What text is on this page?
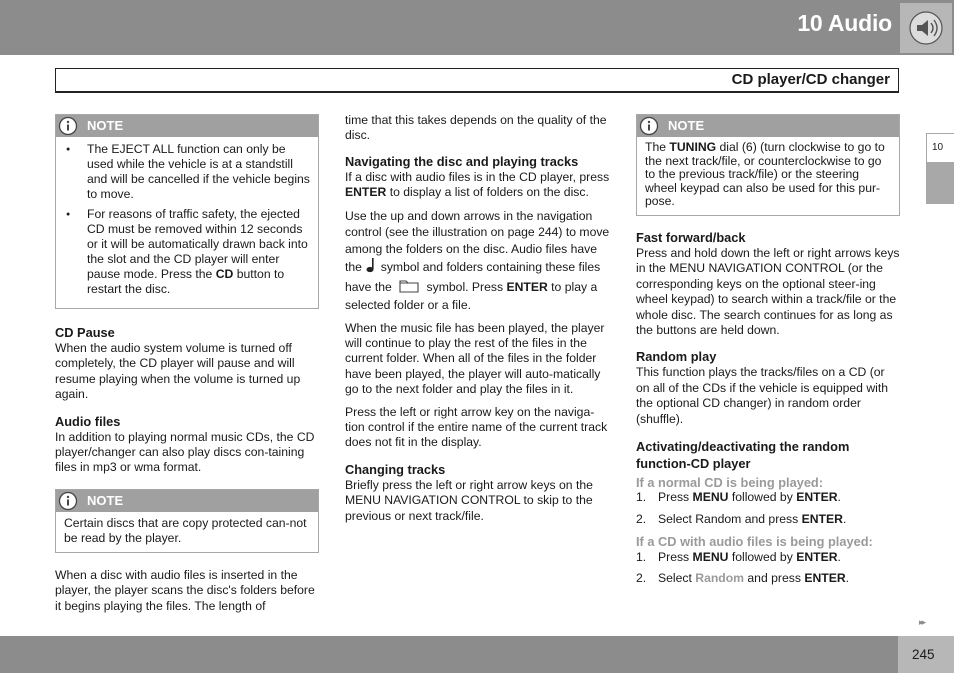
10 Audio
CD player/CD changer
NOTE
● The EJECT ALL function can only be used while the vehicle is at a standstill and will be cancelled if the vehicle begins to move.
● For reasons of traffic safety, the ejected CD must be removed within 12 seconds or it will be automatically drawn back into the slot and the CD player will enter pause mode. Press the CD button to restart the disc.
CD Pause

When the audio system volume is turned off completely, the CD player will pause and will resume playing when the volume is turned up again.

Audio files

In addition to playing normal music CDs, the CD player/changer can also play discs con-taining files in mp3 or wma format.

NOTE
Certain discs that are copy protected can-not be read by the player.

When a disc with audio files is inserted in the player, the player scans the disc's folders before it begins playing the files. The length of

time that this takes depends on the quality of the disc.

Navigating the disc and playing tracks

If a disc with audio files is in the CD player, press ENTER to display a list of folders on the disc.

Use the up and down arrows in the navigation control (see the illustration on page 244) to move among the folders on the disc. Audio files have the  symbol and folders containing these files have the  symbol. Press ENTER to play a selected folder or a file.

When the music file has been played, the player will continue to play the rest of the files in the current folder. When all of the files in the folder have been played, the player will auto-matically go to the next folder and play the files in it.

Press the left or right arrow key on the naviga-tion control if the entire name of the current track does not fit in the display.

Changing tracks

Briefly press the left or right arrow keys on the MENU NAVIGATION CONTROL to skip to the previous or next track/file.

NOTE
The TUNING dial (6) (turn clockwise to go to the next track/file, or counterclockwise to go to the previous track/file) or the steering wheel keypad can also be used for this pur-pose.
Fast forward/back

Press and hold down the left or right arrows keys in the MENU NAVIGATION CONTROL (or the corresponding keys on the optional steer-ing wheel keypad) to search within a track/file or the whole disc. The search continues for as long as the buttons are held down.

Random play

This function plays the tracks/files on a CD (or on all of the CDs if the vehicle is equipped with the optional CD changer) in random order (shuffle).

Activating/deactivating the random function-CD player
If a normal CD is being played:
1. Press MENU followed by ENTER.
2. Select Random and press ENTER.
If a CD with audio files is being played:
1. Press MENU followed by ENTER.
2. Select Random and press ENTER.
10
▸▸
245
